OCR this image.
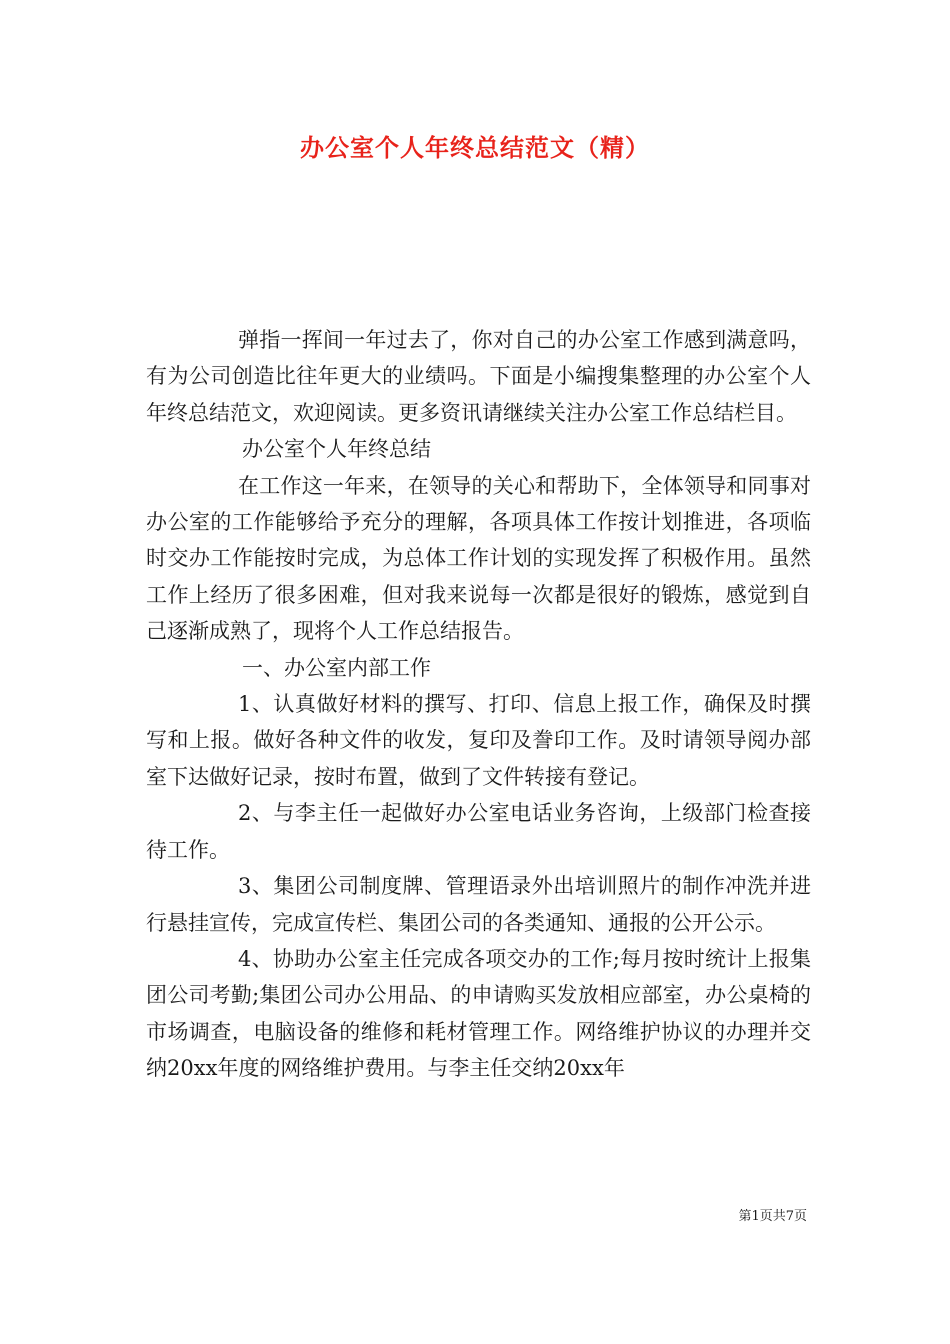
办公室个人年终总结范文（精）

弹指一挥间一年过去了，你对自己的办公室工作感到满意吗，有为公司创造比往年更大的业绩吗。下面是小编搜集整理的办公室个人年终总结范文，欢迎阅读。更多资讯请继续关注办公室工作总结栏目。

办公室个人年终总结

在工作这一年来，在领导的关心和帮助下，全体领导和同事对办公室的工作能够给予充分的理解，各项具体工作按计划推进，各项临时交办工作能按时完成，为总体工作计划的实现发挥了积极作用。虽然工作上经历了很多困难，但对我来说每一次都是很好的锻炼，感觉到自己逐渐成熟了，现将个人工作总结报告。

一、办公室内部工作

1、认真做好材料的撰写、打印、信息上报工作，确保及时撰写和上报。做好各种文件的收发，复印及誊印工作。及时请领导阅办部室下达做好记录，按时布置，做到了文件转接有登记。

2、与李主任一起做好办公室电话业务咨询，上级部门检查接待工作。

3、集团公司制度牌、管理语录外出培训照片的制作冲洗并进行悬挂宣传，完成宣传栏、集团公司的各类通知、通报的公开公示。

4、协助办公室主任完成各项交办的工作;每月按时统计上报集团公司考勤;集团公司办公用品、的申请购买发放相应部室，办公桌椅的市场调查，电脑设备的维修和耗材管理工作。网络维护协议的办理并交纳20xx年度的网络维护费用。与李主任交纳20xx年

第1页共7页
